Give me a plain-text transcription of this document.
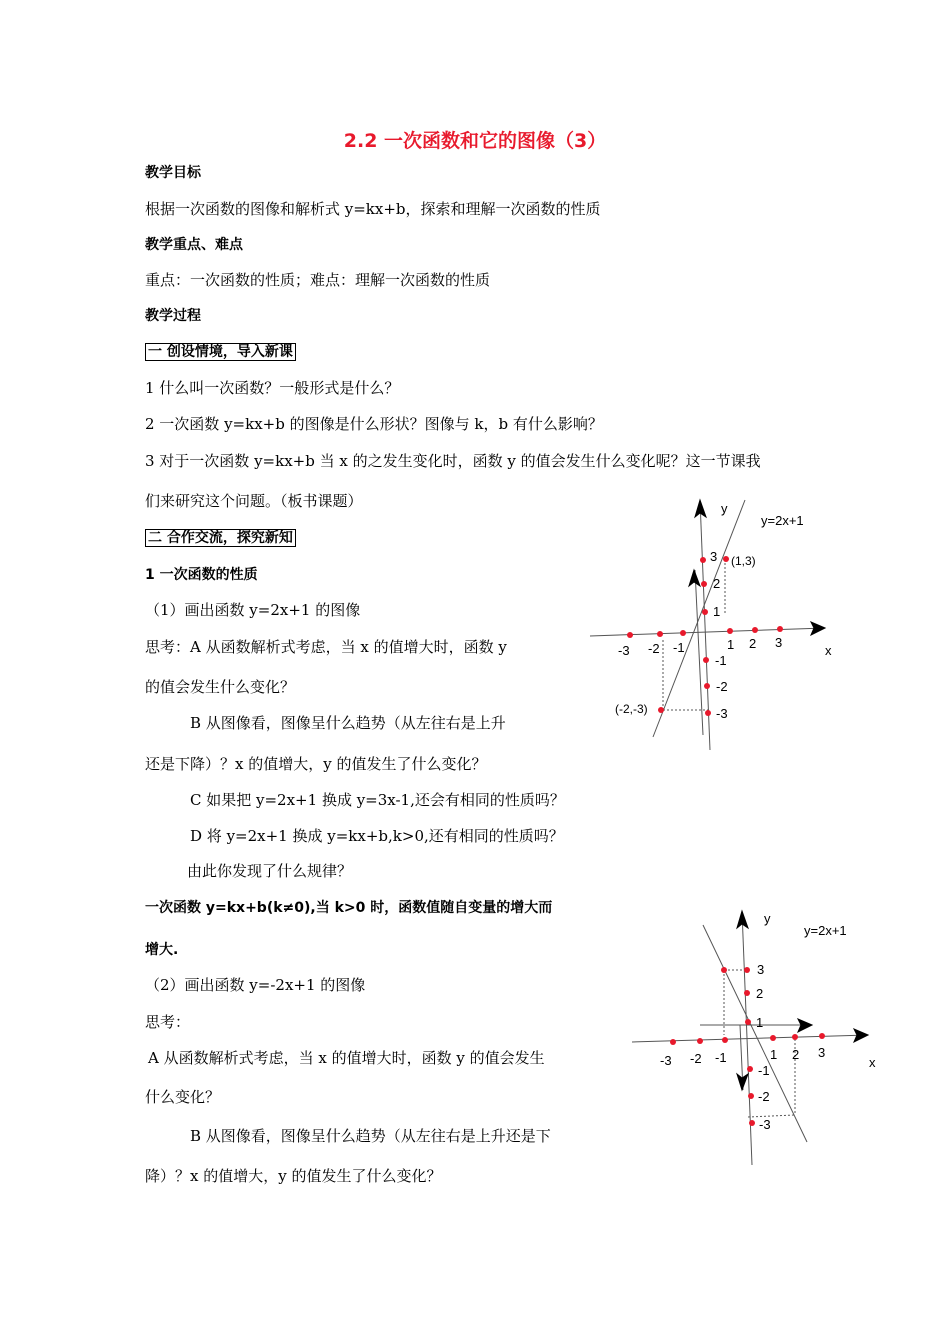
2.2 一次函数和它的图像（3）
教学目标
根据一次函数的图像和解析式 y=kx+b，探索和理解一次函数的性质
教学重点、难点
重点：一次函数的性质；难点：理解一次函数的性质
教学过程
一 创设情境，导入新课
1 什么叫一次函数？一般形式是什么？
2 一次函数 y=kx+b 的图像是什么形状？图像与 k，b 有什么影响？
3 对于一次函数 y=kx+b 当 x 的之发生变化时，函数 y 的值会发生什么变化呢？这一节课我
们来研究这个问题。（板书课题）
二 合作交流，探究新知
1 一次函数的性质
（1）画出函数 y=2x+1 的图像
思考：A 从函数解析式考虑，当 x 的值增大时，函数 y
的值会发生什么变化？
B 从图像看，图像呈什么趋势（从左往右是上升
还是下降）？x 的值增大，y 的值发生了什么变化？
C 如果把 y=2x+1 换成 y=3x-1,还会有相同的性质吗？
D 将 y=2x+1 换成 y=kx+b,k>0,还有相同的性质吗？
由此你发现了什么规律？
一次函数 y=kx+b(k≠0),当 k>0 时，函数值随自变量的增大而
增大.
（2）画出函数 y=-2x+1 的图像
思考：
A 从函数解析式考虑，当 x 的值增大时，函数 y 的值会发生
什么变化？
B 从图像看，图像呈什么趋势（从左往右是上升还是下
降）？x 的值增大，y 的值发生了什么变化？
y
x
y=2x+1
(1,3)
(-2,-3)
-3 -2 -1	1 2 3
3
2
1
-1
-2
-3
y
x
y=2x+1
-3 -2 -1	1 2 3
3
2
1
-1
-2
-3
